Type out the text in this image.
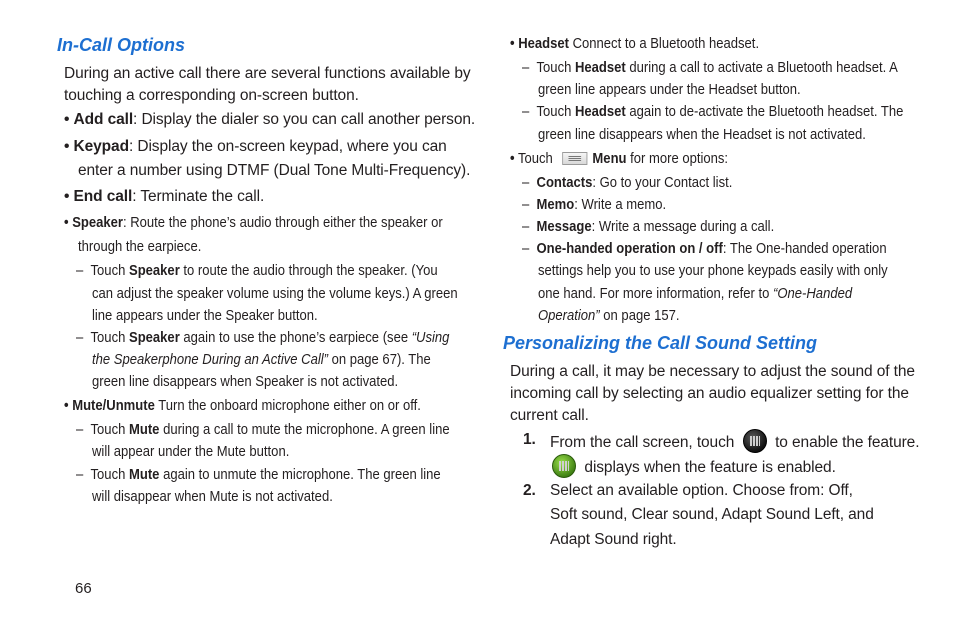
In-Call Options
During an active call there are several functions available by
touching a corresponding on-screen button.
• Add call: Display the dialer so you can call another person.
• Keypad: Display the on-screen keypad, where you can
enter a number using DTMF (Dual Tone Multi-Frequency).
• End call: Terminate the call.
• Speaker: Route the phone’s audio through either the speaker or
through the earpiece.
– Touch Speaker to route the audio through the speaker. (You
can adjust the speaker volume using the volume keys.) A green
line appears under the Speaker button.
– Touch Speaker again to use the phone’s earpiece (see “Using
the Speakerphone During an Active Call” on page 67). The
green line disappears when Speaker is not activated.
• Mute/Unmute Turn the onboard microphone either on or off.
– Touch Mute during a call to mute the microphone. A green line
will appear under the Mute button.
– Touch Mute again to unmute the microphone. The green line
will disappear when Mute is not activated.
66
• Headset Connect to a Bluetooth headset.
– Touch Headset during a call to activate a Bluetooth headset. A
green line appears under the Headset button.
– Touch Headset again to de-activate the Bluetooth headset. The
green line disappears when the Headset is not activated.
• Touch Menu for more options:
– Contacts: Go to your Contact list.
– Memo: Write a memo.
– Message: Write a message during a call.
– One-handed operation on / off: The One-handed operation
settings help you to use your phone keypads easily with only
one hand. For more information, refer to “One-Handed
Operation” on page 157.
Personalizing the Call Sound Setting
During a call, it may be necessary to adjust the sound of the
incoming call by selecting an audio equalizer setting for the
current call.
1. From the call screen, touch	to enable the feature.
displays when the feature is enabled.
2. Select an available option. Choose from: Off,
Soft sound, Clear sound, Adapt Sound Left, and
Adapt Sound right.
